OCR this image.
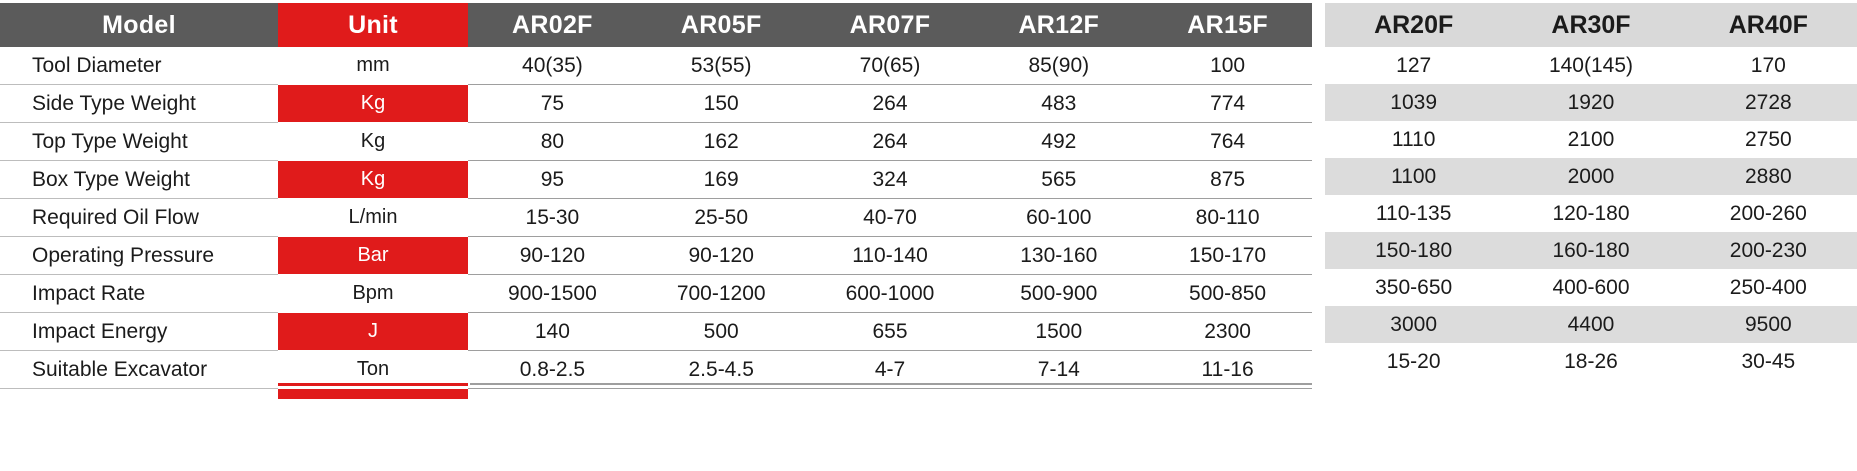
Model	Unit	AR02F	AR05F	AR07F	AR12F	AR15F
Tool Diameter	mm	40(35)	53(55)	70(65)	85(90)	100
Side Type Weight	Kg	75	150	264	483	774
Top Type Weight	Kg	80	162	264	492	764
Box Type Weight	Kg	95	169	324	565	875
Required Oil Flow	L/min	15-30	25-50	40-70	60-100	80-110
Operating Pressure	Bar	90-120	90-120	110-140	130-160	150-170
Impact Rate	Bpm	900-1500	700-1200	600-1000	500-900	500-850
Impact Energy	J	140	500	655	1500	2300
Suitable Excavator	Ton	0.8-2.5	2.5-4.5	4-7	7-14	11-16

AR20F	AR30F	AR40F
127	140(145)	170
1039	1920	2728
1110	2100	2750
1100	2000	2880
110-135	120-180	200-260
150-180	160-180	200-230
350-650	400-600	250-400
3000	4400	9500
15-20	18-26	30-45
